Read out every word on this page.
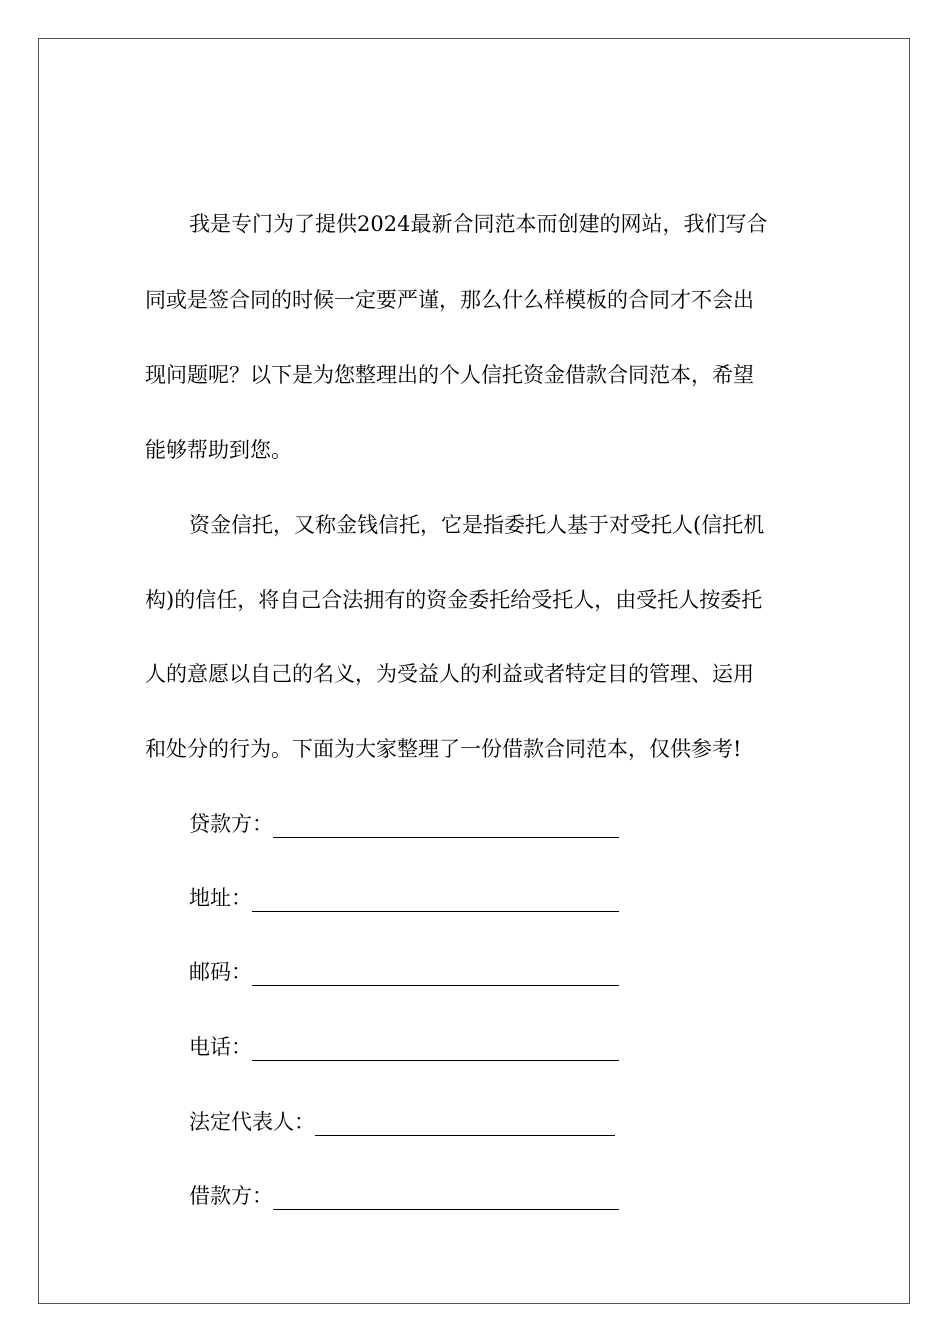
我是专门为了提供2024最新合同范本而创建的网站，我们写合
同或是签合同的时候一定要严谨，那么什么样模板的合同才不会出
现问题呢？以下是为您整理出的个人信托资金借款合同范本，希望
能够帮助到您。
资金信托，又称金钱信托，它是指委托人基于对受托人(信托机
构)的信任，将自己合法拥有的资金委托给受托人，由受托人按委托
人的意愿以自己的名义，为受益人的利益或者特定目的管理、运用
和处分的行为。下面为大家整理了一份借款合同范本，仅供参考!
贷款方：
地址：
邮码：
电话：
法定代表人：
借款方：
